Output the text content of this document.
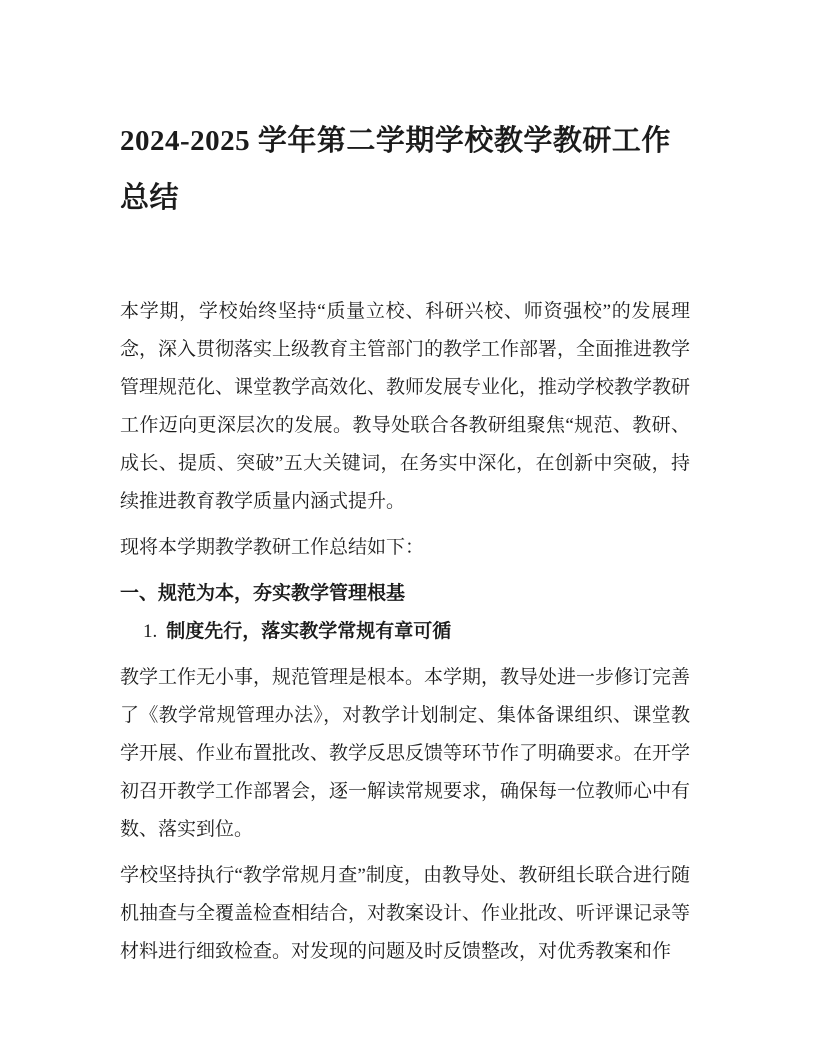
2024-2025 学年第二学期学校教学教研工作总结

本学期，学校始终坚持“质量立校、科研兴校、师资强校”的发展理念，深入贯彻落实上级教育主管部门的教学工作部署，全面推进教学管理规范化、课堂教学高效化、教师发展专业化，推动学校教学教研工作迈向更深层次的发展。教导处联合各教研组聚焦“规范、教研、成长、提质、突破”五大关键词，在务实中深化，在创新中突破，持续推进教育教学质量内涵式提升。

现将本学期教学教研工作总结如下：

一、规范为本，夯实教学管理根基
1. 制度先行，落实教学常规有章可循

教学工作无小事，规范管理是根本。本学期，教导处进一步修订完善了《教学常规管理办法》，对教学计划制定、集体备课组织、课堂教学开展、作业布置批改、教学反思反馈等环节作了明确要求。在开学初召开教学工作部署会，逐一解读常规要求，确保每一位教师心中有数、落实到位。

学校坚持执行“教学常规月查”制度，由教导处、教研组长联合进行随机抽查与全覆盖检查相结合，对教案设计、作业批改、听评课记录等材料进行细致检查。对发现的问题及时反馈整改，对优秀教案和作
